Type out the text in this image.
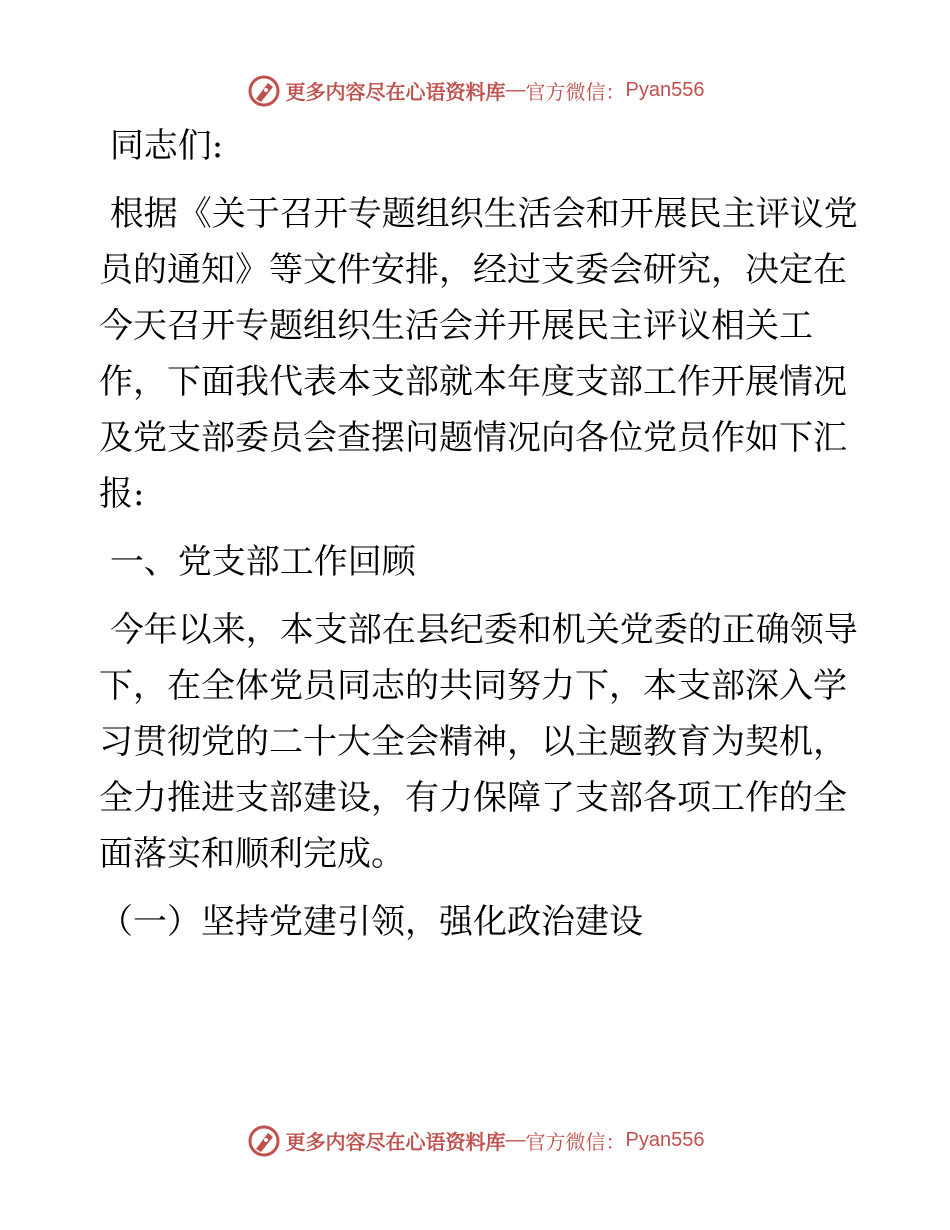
更多内容尽在心语资料库 — 官方微信： Pyan556

同志们:

根据《关于召开专题组织生活会和开展民主评议党员的通知》等文件安排，经过支委会研究，决定在今天召开专题组织生活会并开展民主评议相关工作，下面我代表本支部就本年度支部工作开展情况及党支部委员会查摆问题情况向各位党员作如下汇报:

一、党支部工作回顾

今年以来，本支部在县纪委和机关党委的正确领导下，在全体党员同志的共同努力下，本支部深入学习贯彻党的二十大全会精神，以主题教育为契机，全力推进支部建设，有力保障了支部各项工作的全面落实和顺利完成。

（一）坚持党建引领，强化政治建设

更多内容尽在心语资料库 — 官方微信： Pyan556
